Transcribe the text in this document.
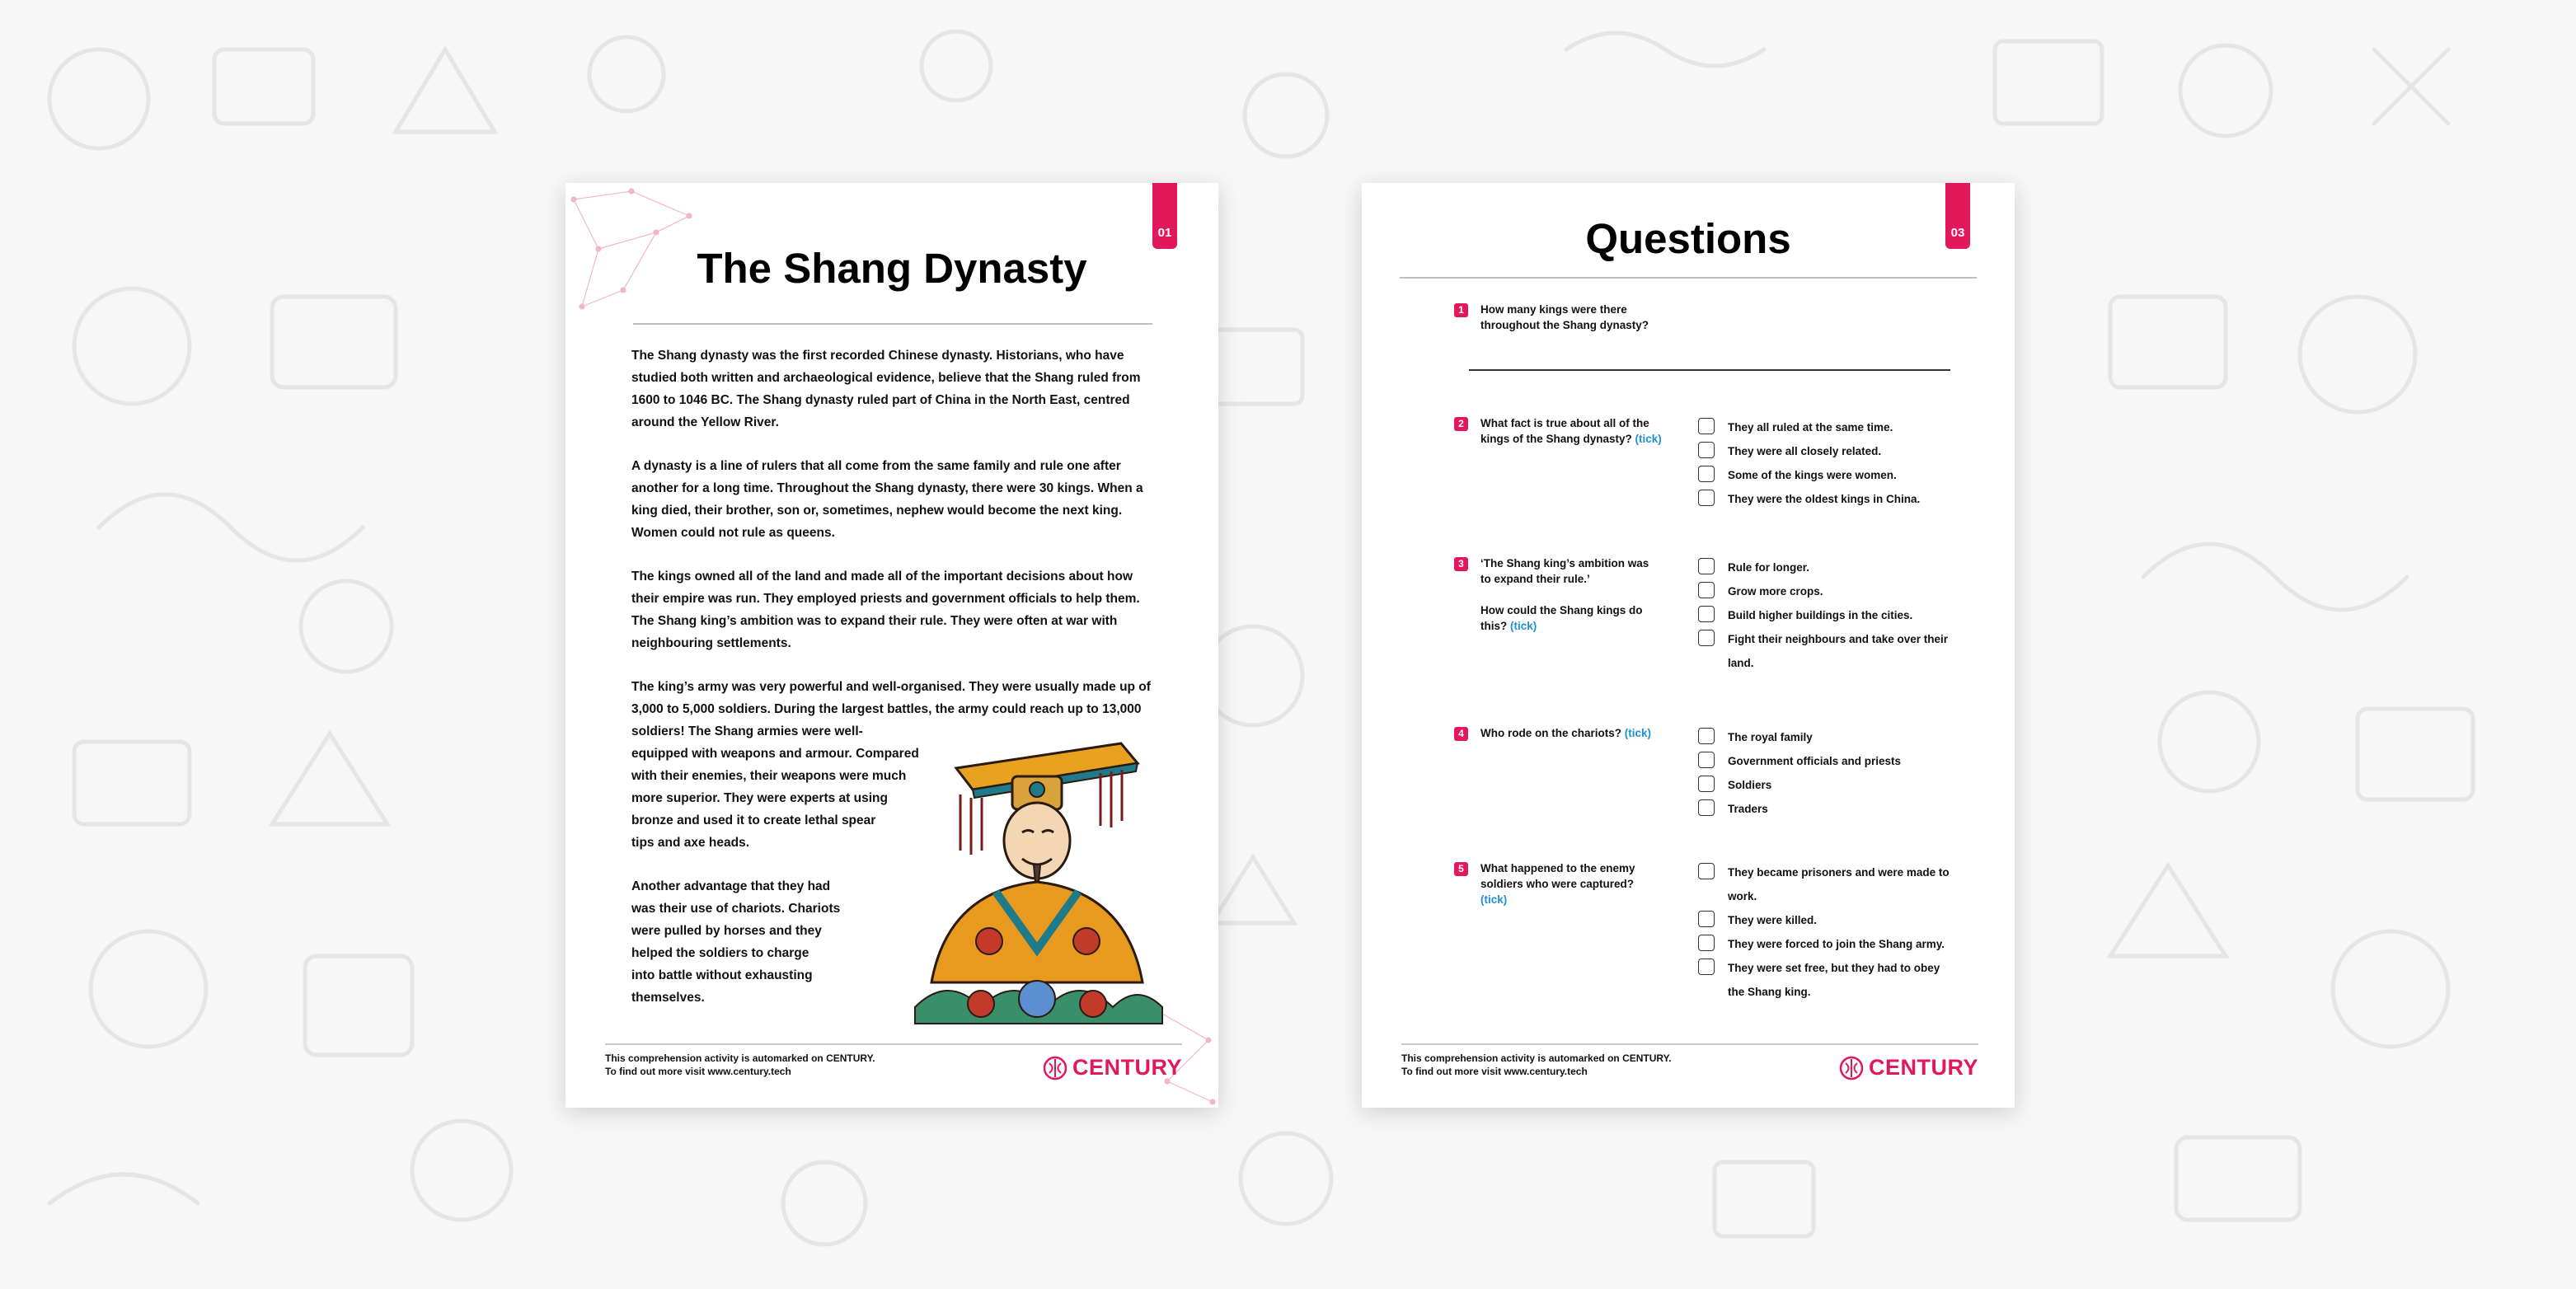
01
The Shang Dynasty

The Shang dynasty was the first recorded Chinese dynasty. Historians, who have studied both written and archaeological evidence, believe that the Shang ruled from 1600 to 1046 BC. The Shang dynasty ruled part of China in the North East, centred around the Yellow River.

A dynasty is a line of rulers that all come from the same family and rule one after another for a long time. Throughout the Shang dynasty, there were 30 kings. When a king died, their brother, son or, sometimes, nephew would become the next king. Women could not rule as queens.

The kings owned all of the land and made all of the important decisions about how their empire was run. They employed priests and government officials to help them. The Shang king’s ambition was to expand their rule. They were often at war with neighbouring settlements.

The king’s army was very powerful and well-organised. They were usually made up of 3,000 to 5,000 soldiers. During the largest battles, the army could reach up to 13,000 soldiers! The Shang armies were well-
equipped with weapons and armour. Compared
with their enemies, their weapons were much
more superior. They were experts at using
bronze and used it to create lethal spear
tips and axe heads.

Another advantage that they had
was their use of chariots. Chariots
were pulled by horses and they
helped the soldiers to charge
into battle without exhausting
themselves.

This comprehension activity is automarked on CENTURY.
To find out more visit www.century.tech	CENTURY
03
Questions
1	How many kings were there
throughout the Shang dynasty?
2	What fact is true about all of the
kings of the Shang dynasty? (tick)
They all ruled at the same time.
They were all closely related.
Some of the kings were women.
They were the oldest kings in China.
3	‘The Shang king’s ambition was
to expand their rule.’

How could the Shang kings do
this? (tick)
Rule for longer.
Grow more crops.
Build higher buildings in the cities.
Fight their neighbours and take over their land.
4	Who rode on the chariots? (tick)	The royal family
Government officials and priests
Soldiers
Traders
5	What happened to the enemy
soldiers who were captured?
(tick)
They became prisoners and were made to work.
They were killed.
They were forced to join the Shang army.
They were set free, but they had to obey the Shang king.
This comprehension activity is automarked on CENTURY.
To find out more visit www.century.tech	CENTURY
